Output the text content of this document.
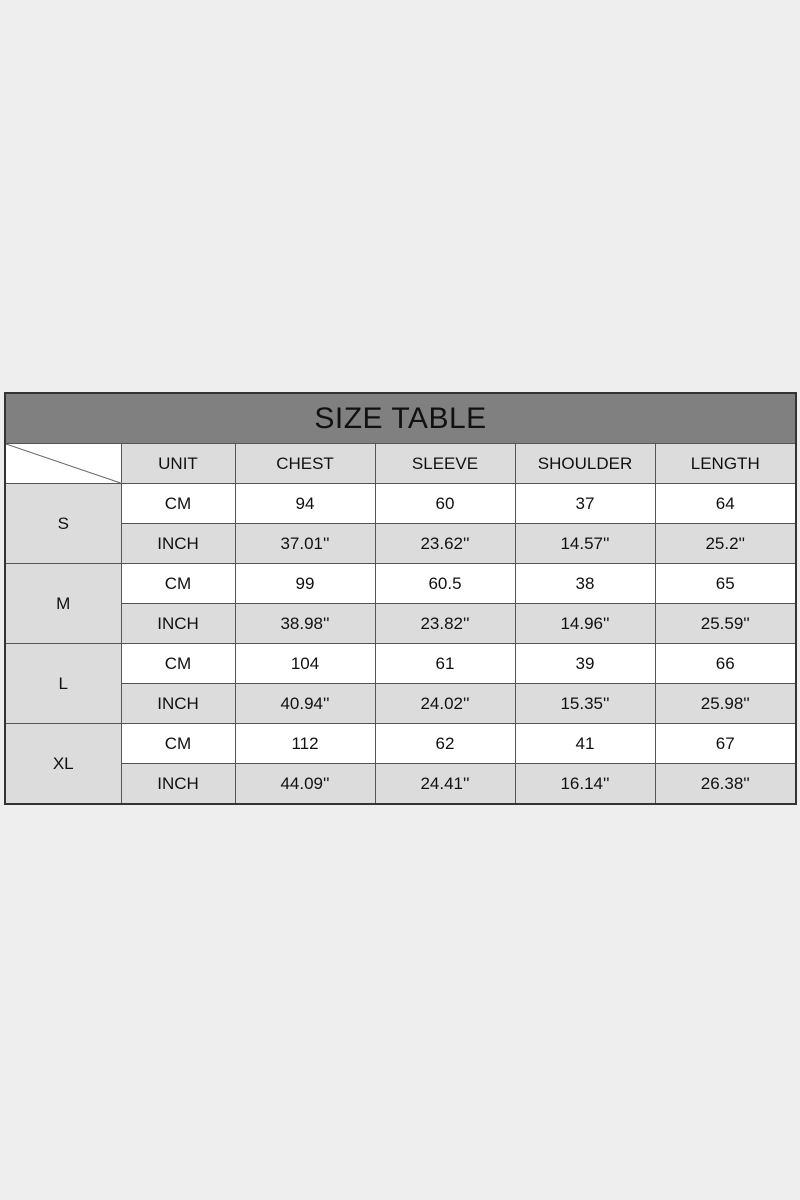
SIZE TABLE					

	UNIT	CHEST	SLEEVE	SHOULDER	LENGTH
S	CM	94	60	37	64
	INCH	37.01''	23.62''	14.57''	25.2''
M	CM	99	60.5	38	65
	INCH	38.98''	23.82''	14.96''	25.59''
L	CM	104	61	39	66
	INCH	40.94''	24.02''	15.35''	25.98''
XL	CM	112	62	41	67
	INCH	44.09''	24.41''	16.14''	26.38''
